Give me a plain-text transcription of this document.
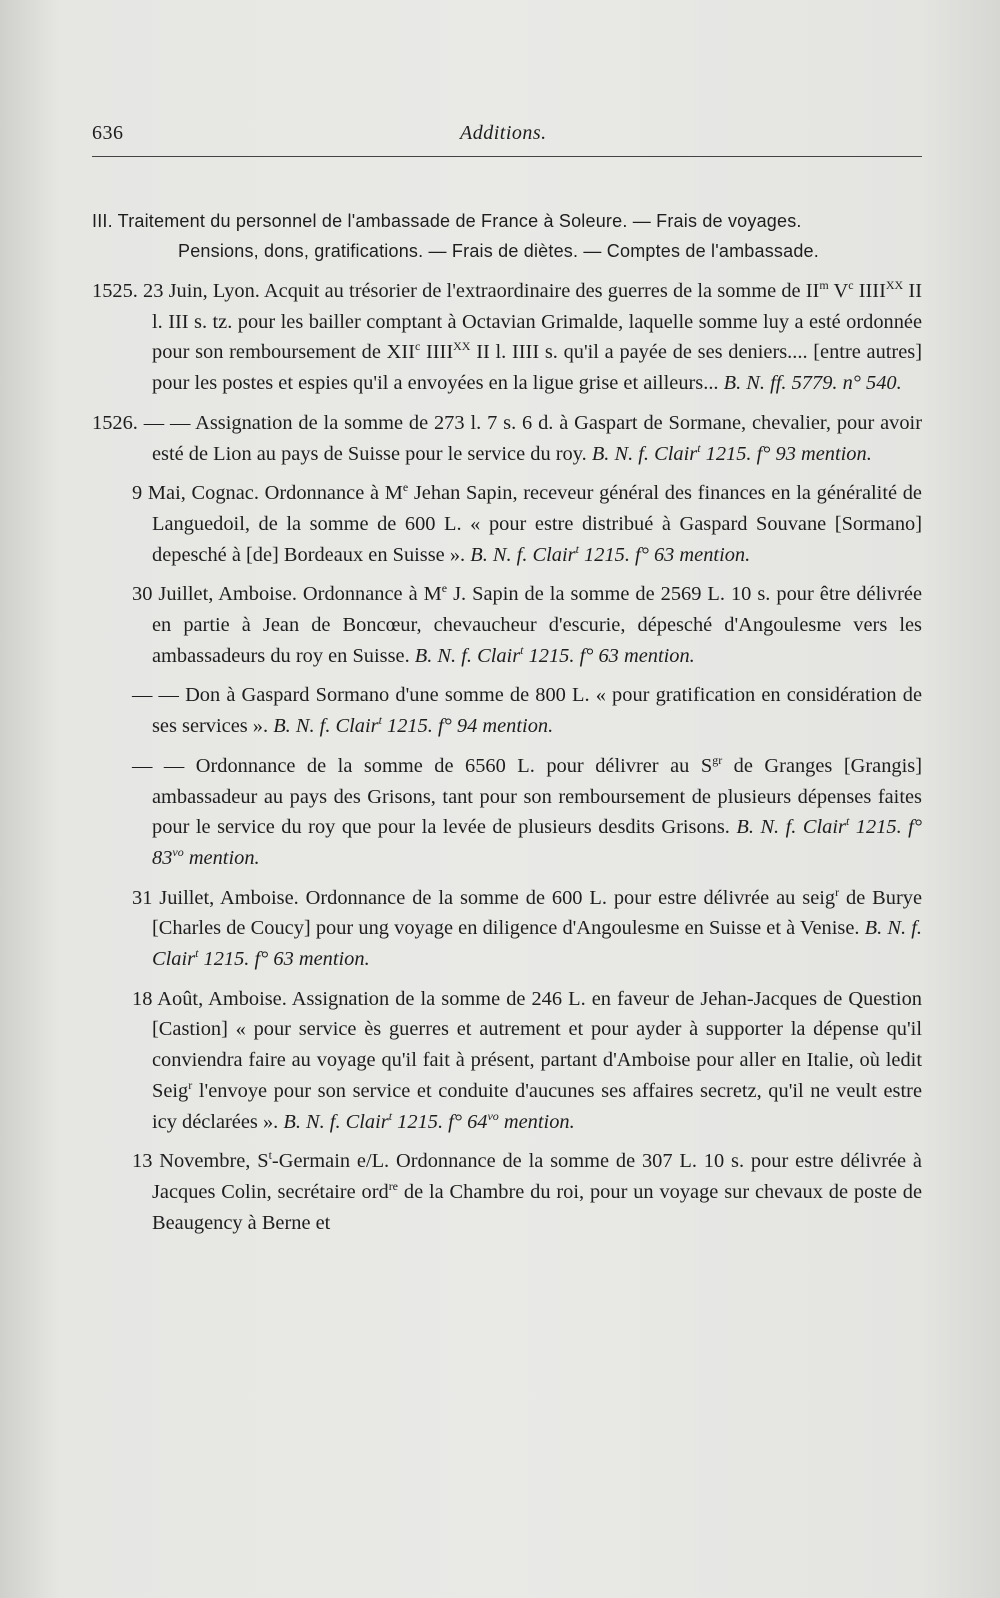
636	Additions.
III. Traitement du personnel de l'ambassade de France à Soleure. — Frais de voyages.
Pensions, dons, gratifications. — Frais de diètes. — Comptes de l'ambassade.

1525. 23 Juin, Lyon. Acquit au trésorier de l'extraordinaire des guerres de la somme de $II^m$ $V^c$ $IIII^{XX}$ II l. III s. tz. pour les bailler comptant à Octavian Grimalde, laquelle somme luy a esté ordonnée pour son remboursement de XII$^c$ $IIII^{XX}$ II l. IIII s. qu'il a payée de ses deniers.... [entre autres] pour les postes et espies qu'il a envoyées en la ligue grise et ailleurs... B. N. ff. 5779. n° 540.

1526. — — Assignation de la somme de 273 l. 7 s. 6 d. à Gaspart de Sormane, chevalier, pour avoir esté de Lion au pays de Suisse pour le service du roy. B. N. f. Clair$^t$ 1215. f° 93 mention.

9 Mai, Cognac. Ordonnance à Me Jehan Sapin, receveur général des finances en la généralité de Languedoil, de la somme de 600 L. « pour estre distribué à Gaspard Souvane [Sormano] depesché à [de] Bordeaux en Suisse ». B. N. f. Clair$^t$ 1215. f° 63 mention.

30 Juillet, Amboise. Ordonnance à Me J. Sapin de la somme de 2569 L. 10 s. pour être délivrée en partie à Jean de Boncœur, chevaucheur d'escurie, dépesché d'Angoulesme vers les ambassadeurs du roy en Suisse. B. N. f. Clair$^t$ 1215. f° 63 mention.

— — Don à Gaspard Sormano d'une somme de 800 L. « pour gratification en considération de ses services ». B. N. f. Clair$^t$ 1215. f° 94 mention.

— — Ordonnance de la somme de 6560 L. pour délivrer au $S^{gr}$ de Granges [Grangis] ambassadeur au pays des Grisons, tant pour son remboursement de plusieurs dépenses faites pour le service du roy que pour la levée de plusieurs desdits Grisons. B. N. f. Clair$^t$ 1215. f° $83^{vo}$ mention.

31 Juillet, Amboise. Ordonnance de la somme de 600 L. pour estre délivrée au seig$^r$ de Burye [Charles de Coucy] pour ung voyage en diligence d'Angoulesme en Suisse et à Venise. B. N. f. Clair$^t$ 1215. f° 63 mention.

18 Août, Amboise. Assignation de la somme de 246 L. en faveur de Jehan-Jacques de Question [Castion] « pour service ès guerres et autrement et pour ayder à supporter la dépense qu'il conviendra faire au voyage qu'il fait à présent, partant d'Amboise pour aller en Italie, où ledit Seig$^r$ l'envoye pour son service et conduite d'aucunes ses affaires secretz, qu'il ne veult estre icy déclarées ». B. N. f. Clair$^t$ 1215. f° $64^{vo}$ mention.

13 Novembre, $S^t$-Germain e/L. Ordonnance de la somme de 307 L. 10 s. pour estre délivrée à Jacques Colin, secrétaire ord$^{re}$ de la Chambre du roi, pour un voyage sur chevaux de poste de Beaugency à Berne et
